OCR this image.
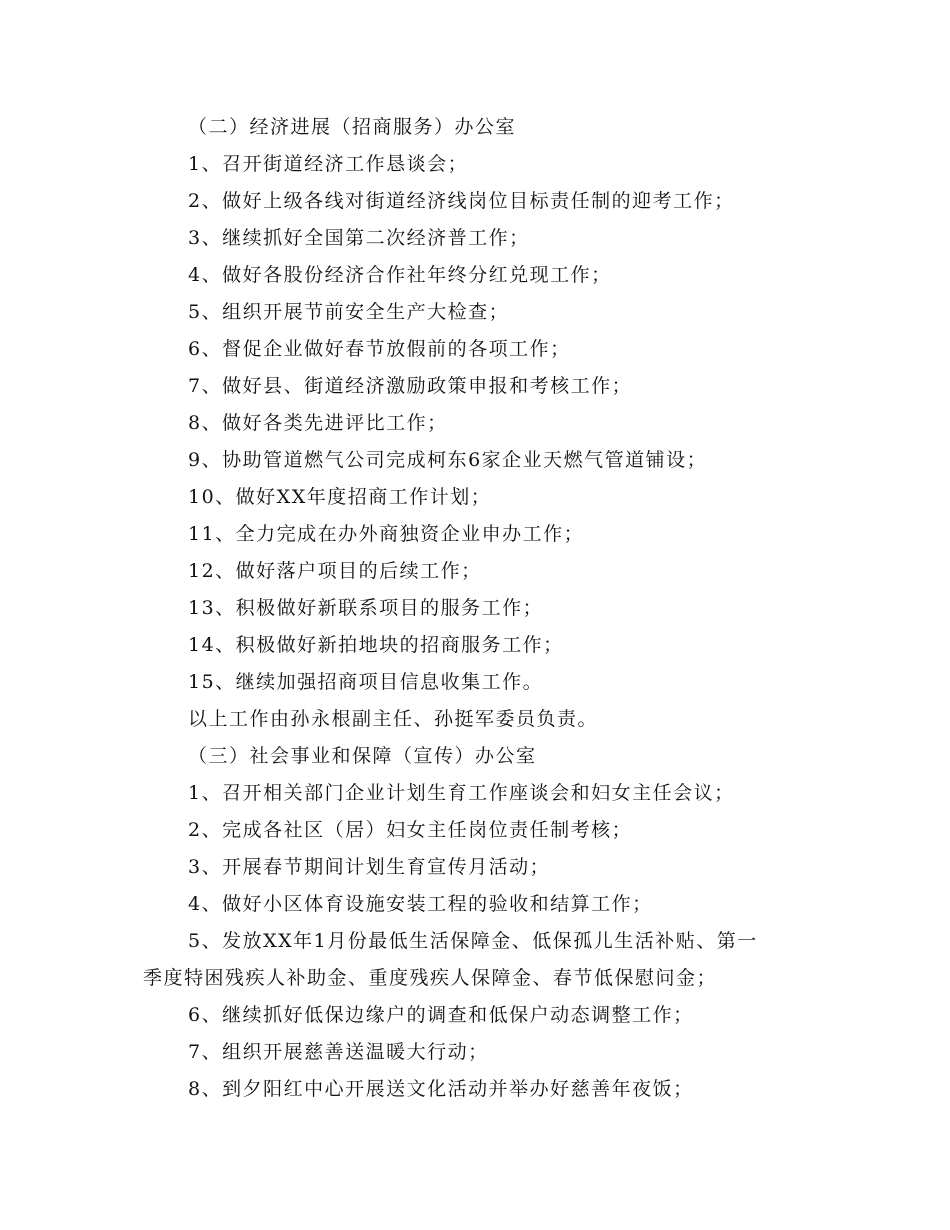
（二）经济进展（招商服务）办公室
1、召开街道经济工作恳谈会；
2、做好上级各线对街道经济线岗位目标责任制的迎考工作；
3、继续抓好全国第二次经济普工作；
4、做好各股份经济合作社年终分红兑现工作；
5、组织开展节前安全生产大检查；
6、督促企业做好春节放假前的各项工作；
7、做好县、街道经济激励政策申报和考核工作；
8、做好各类先进评比工作；
9、协助管道燃气公司完成柯东6家企业天燃气管道铺设；
10、做好XX年度招商工作计划；
11、全力完成在办外商独资企业申办工作；
12、做好落户项目的后续工作；
13、积极做好新联系项目的服务工作；
14、积极做好新拍地块的招商服务工作；
15、继续加强招商项目信息收集工作。
以上工作由孙永根副主任、孙挺军委员负责。
（三）社会事业和保障（宣传）办公室
1、召开相关部门企业计划生育工作座谈会和妇女主任会议；
2、完成各社区（居）妇女主任岗位责任制考核；
3、开展春节期间计划生育宣传月活动；
4、做好小区体育设施安装工程的验收和结算工作；
5、发放XX年1月份最低生活保障金、低保孤儿生活补贴、第一
季度特困残疾人补助金、重度残疾人保障金、春节低保慰问金；
6、继续抓好低保边缘户的调查和低保户动态调整工作；
7、组织开展慈善送温暖大行动；
8、到夕阳红中心开展送文化活动并举办好慈善年夜饭；
